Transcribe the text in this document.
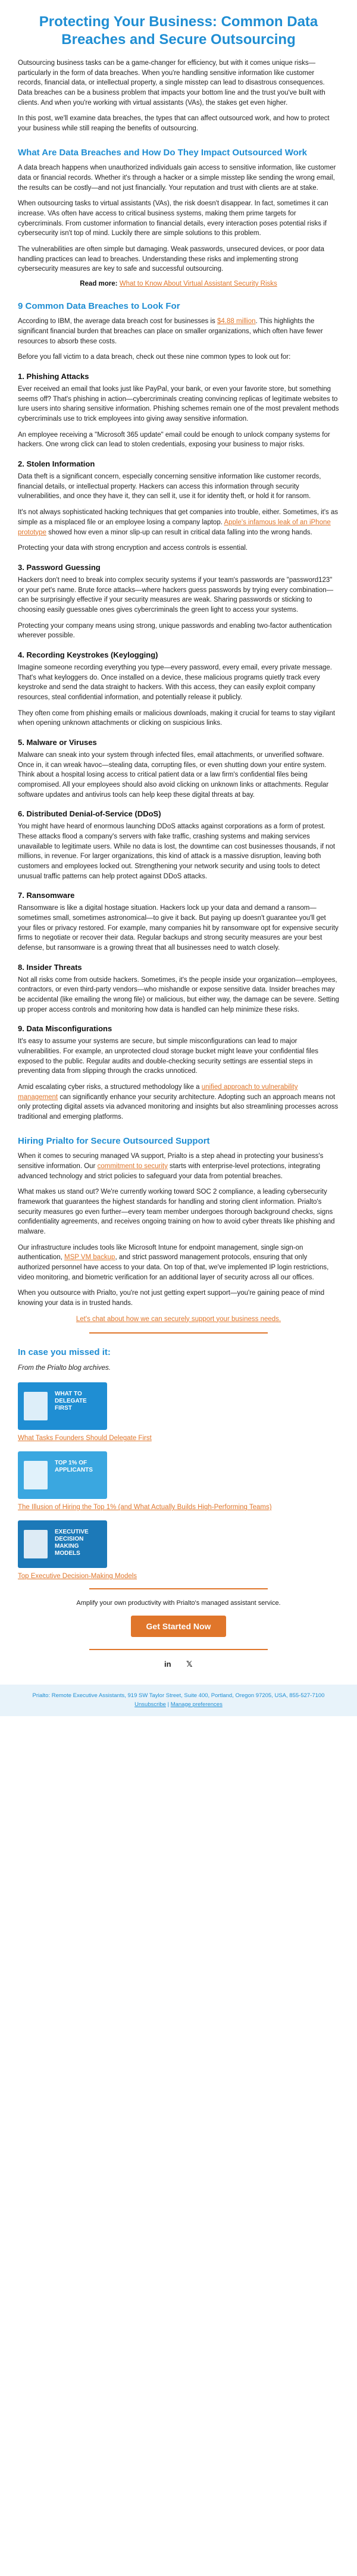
Protecting Your Business: Common Data Breaches and Secure Outsourcing

Outsourcing business tasks can be a game-changer for efficiency, but with it comes unique risks—particularly in the form of data breaches. When you're handling sensitive information like customer records, financial data, or intellectual property, a single misstep can lead to disastrous consequences. Data breaches can be a business problem that impacts your bottom line and the trust you've built with clients. And when you're working with virtual assistants (VAs), the stakes get even higher.

In this post, we'll examine data breaches, the types that can affect outsourced work, and how to protect your business while still reaping the benefits of outsourcing.

What Are Data Breaches and How Do They Impact Outsourced Work

A data breach happens when unauthorized individuals gain access to sensitive information, like customer data or financial records. Whether it's through a hacker or a simple misstep like sending the wrong email, the results can be costly—and not just financially. Your reputation and trust with clients are at stake.

When outsourcing tasks to virtual assistants (VAs), the risk doesn't disappear. In fact, sometimes it can increase. VAs often have access to critical business systems, making them prime targets for cybercriminals. From customer information to financial details, every interaction poses potential risks if cybersecurity isn't top of mind. Luckily there are simple solutions to this problem.

The vulnerabilities are often simple but damaging. Weak passwords, unsecured devices, or poor data handling practices can lead to breaches. Understanding these risks and implementing strong cybersecurity measures are key to safe and successful outsourcing.

Read more: What to Know About Virtual Assistant Security Risks
9 Common Data Breaches to Look For

According to IBM, the average data breach cost for businesses is $4.88 million. This highlights the significant financial burden that breaches can place on smaller organizations, which often have fewer resources to absorb these costs.

Before you fall victim to a data breach, check out these nine common types to look out for:

1. Phishing Attacks

Ever received an email that looks just like PayPal, your bank, or even your favorite store, but something seems off? That's phishing in action—cybercriminals creating convincing replicas of legitimate websites to lure users into sharing sensitive information. Phishing schemes remain one of the most prevalent methods cybercriminals use to trick employees into giving away sensitive information.

An employee receiving a "Microsoft 365 update" email could be enough to unlock company systems for hackers. One wrong click can lead to stolen credentials, exposing your business to major risks.

2. Stolen Information

Data theft is a significant concern, especially concerning sensitive information like customer records, financial details, or intellectual property. Hackers can access this information through security vulnerabilities, and once they have it, they can sell it, use it for identity theft, or hold it for ransom.

It's not always sophisticated hacking techniques that get companies into trouble, either. Sometimes, it's as simple as a misplaced file or an employee losing a company laptop. Apple's infamous leak of an iPhone prototype showed how even a minor slip-up can result in critical data falling into the wrong hands.

Protecting your data with strong encryption and access controls is essential.

3. Password Guessing

Hackers don't need to break into complex security systems if your team's passwords are "password123" or your pet's name. Brute force attacks—where hackers guess passwords by trying every combination—can be surprisingly effective if your security measures are weak. Sharing passwords or sticking to choosing easily guessable ones gives cybercriminals the green light to access your systems.

Protecting your company means using strong, unique passwords and enabling two-factor authentication wherever possible.

4. Recording Keystrokes (Keylogging)

Imagine someone recording everything you type—every password, every email, every private message. That's what keyloggers do. Once installed on a device, these malicious programs quietly track every keystroke and send the data straight to hackers. With this access, they can easily exploit company resources, steal confidential information, and potentially release it publicly.

They often come from phishing emails or malicious downloads, making it crucial for teams to stay vigilant when opening unknown attachments or clicking on suspicious links.

5. Malware or Viruses

Malware can sneak into your system through infected files, email attachments, or unverified software. Once in, it can wreak havoc—stealing data, corrupting files, or even shutting down your entire system. Think about a hospital losing access to critical patient data or a law firm's confidential files being compromised. All your employees should also avoid clicking on unknown links or attachments. Regular software updates and antivirus tools can help keep these digital threats at bay.

6. Distributed Denial-of-Service (DDoS)

You might have heard of enormous launching DDoS attacks against corporations as a form of protest. These attacks flood a company's servers with fake traffic, crashing systems and making services unavailable to legitimate users. While no data is lost, the downtime can cost businesses thousands, if not millions, in revenue. For larger organizations, this kind of attack is a massive disruption, leaving both customers and employees locked out. Strengthening your network security and using tools to detect unusual traffic patterns can help protect against DDoS attacks.

7. Ransomware

Ransomware is like a digital hostage situation. Hackers lock up your data and demand a ransom—sometimes small, sometimes astronomical—to give it back. But paying up doesn't guarantee you'll get your files or privacy restored. For example, many companies hit by ransomware opt for expensive security firms to negotiate or recover their data. Regular backups and strong security measures are your best defense, but ransomware is a growing threat that all businesses need to watch closely.

8. Insider Threats

Not all risks come from outside hackers. Sometimes, it's the people inside your organization—employees, contractors, or even third-party vendors—who mishandle or expose sensitive data. Insider breaches may be accidental (like emailing the wrong file) or malicious, but either way, the damage can be severe. Setting up proper access controls and monitoring how data is handled can help minimize these risks.

9. Data Misconfigurations

It's easy to assume your systems are secure, but simple misconfigurations can lead to major vulnerabilities. For example, an unprotected cloud storage bucket might leave your confidential files exposed to the public. Regular audits and double-checking security settings are essential steps in preventing data from slipping through the cracks unnoticed.

Amid escalating cyber risks, a structured methodology like a unified approach to vulnerability management can significantly enhance your security architecture. Adopting such an approach means not only protecting digital assets via advanced monitoring and insights but also streamlining processes across traditional and emerging platforms.

Hiring Prialto for Secure Outsourced Support

When it comes to securing managed VA support, Prialto is a step ahead in protecting your business's sensitive information. Our commitment to security starts with enterprise-level protections, integrating advanced technology and strict policies to safeguard your data from potential breaches.

What makes us stand out? We're currently working toward SOC 2 compliance, a leading cybersecurity framework that guarantees the highest standards for handling and storing client information. Prialto's security measures go even further—every team member undergoes thorough background checks, signs confidentiality agreements, and receives ongoing training on how to avoid cyber threats like phishing and malware.

Our infrastructure includes tools like Microsoft Intune for endpoint management, single sign-on authentication, MSP VM backup, and strict password management protocols, ensuring that only authorized personnel have access to your data. On top of that, we've implemented IP login restrictions, video monitoring, and biometric verification for an additional layer of security across all our offices.

When you outsource with Prialto, you're not just getting expert support—you're gaining peace of mind knowing your data is in trusted hands.

Let's chat about how we can securely support your business needs.

In case you missed it:

From the Prialto blog archives.

WHAT TO DELEGATE FIRST
What Tasks Founders Should Delegate First
TOP 1% OF APPLICANTS
The Illusion of Hiring the Top 1% (and What Actually Builds High-Performing Teams)
EXECUTIVE DECISION MAKING MODELS
Top Executive Decision-Making Models

Amplify your own productivity with Prialto's managed assistant service.

Get Started Now
in 𝕏
Prialto: Remote Executive Assistants, 919 SW Taylor Street, Suite 400, Portland, Oregon 97205, USA, 855-527-7100
Unsubscribe | Manage preferences
